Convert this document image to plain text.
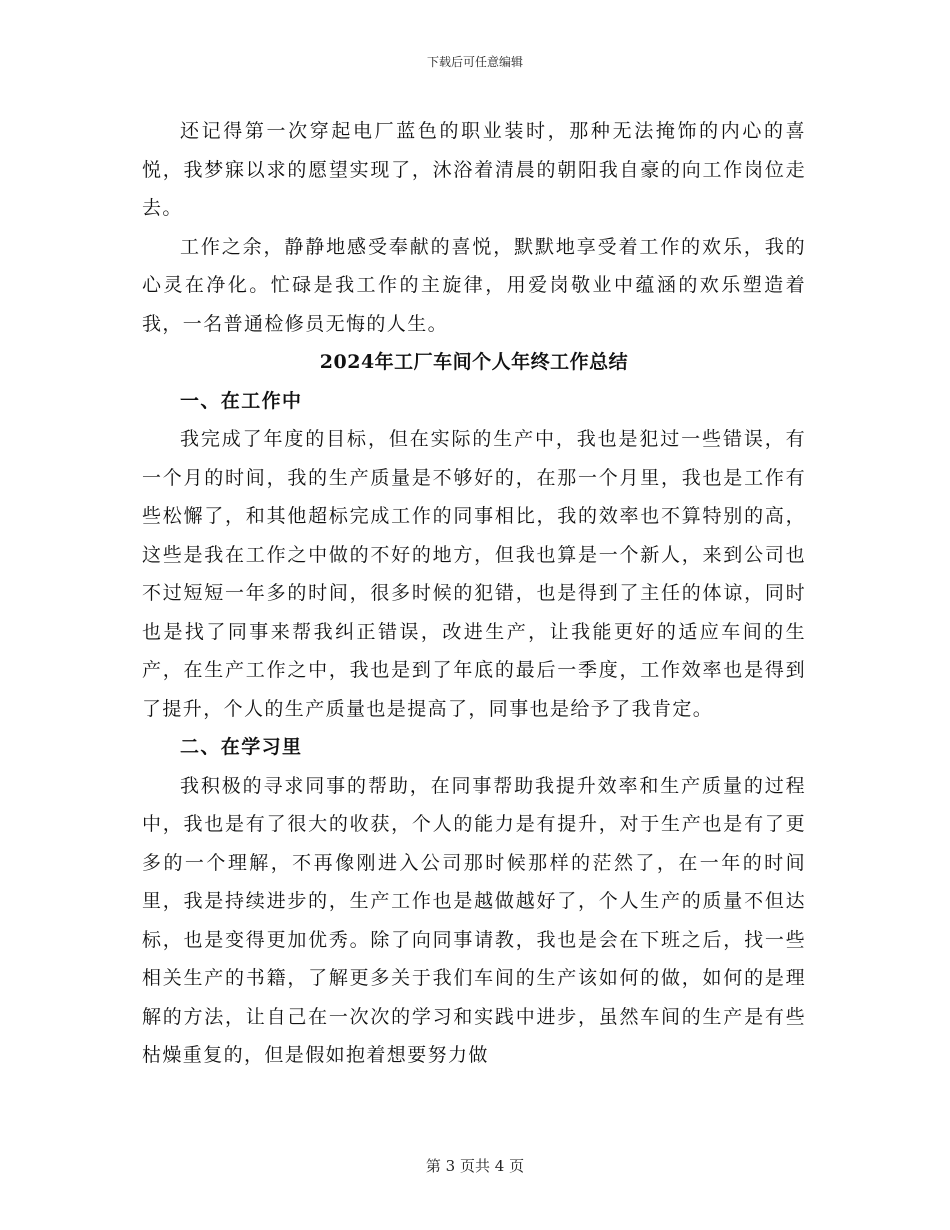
下载后可任意编辑

还记得第一次穿起电厂蓝色的职业装时，那种无法掩饰的内心的喜悦，我梦寐以求的愿望实现了，沐浴着清晨的朝阳我自豪的向工作岗位走去。

工作之余，静静地感受奉献的喜悦，默默地享受着工作的欢乐，我的心灵在净化。忙碌是我工作的主旋律，用爱岗敬业中蕴涵的欢乐塑造着我，一名普通检修员无悔的人生。

2024年工厂车间个人年终工作总结
一、在工作中

我完成了年度的目标，但在实际的生产中，我也是犯过一些错误，有一个月的时间，我的生产质量是不够好的，在那一个月里，我也是工作有些松懈了，和其他超标完成工作的同事相比，我的效率也不算特别的高，这些是我在工作之中做的不好的地方，但我也算是一个新人，来到公司也不过短短一年多的时间，很多时候的犯错，也是得到了主任的体谅，同时也是找了同事来帮我纠正错误，改进生产，让我能更好的适应车间的生产，在生产工作之中，我也是到了年底的最后一季度，工作效率也是得到了提升，个人的生产质量也是提高了，同事也是给予了我肯定。

二、在学习里

我积极的寻求同事的帮助，在同事帮助我提升效率和生产质量的过程中，我也是有了很大的收获，个人的能力是有提升，对于生产也是有了更多的一个理解，不再像刚进入公司那时候那样的茫然了，在一年的时间里，我是持续进步的，生产工作也是越做越好了，个人生产的质量不但达标，也是变得更加优秀。除了向同事请教，我也是会在下班之后，找一些相关生产的书籍，了解更多关于我们车间的生产该如何的做，如何的是理解的方法，让自己在一次次的学习和实践中进步，虽然车间的生产是有些枯燥重复的，但是假如抱着想要努力做

第 3 页共 4 页
